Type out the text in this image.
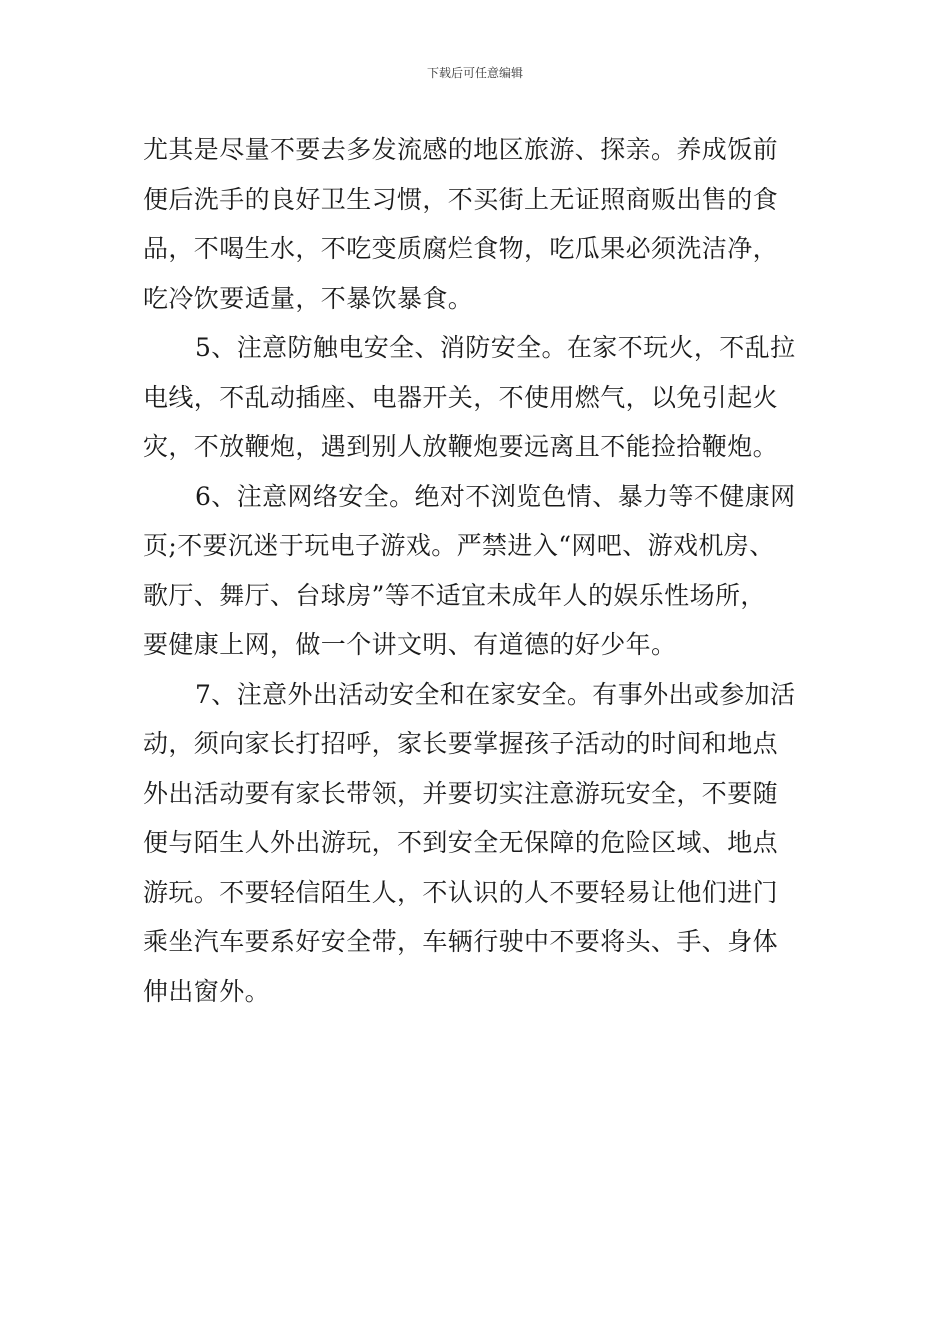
下载后可任意编辑
尤其是尽量不要去多发流感的地区旅游、探亲。养成饭前
便后洗手的良好卫生习惯，不买街上无证照商贩出售的食
品，不喝生水，不吃变质腐烂食物，吃瓜果必须洗洁净，
吃冷饮要适量，不暴饮暴食。
5、注意防触电安全、消防安全。在家不玩火，不乱拉
电线，不乱动插座、电器开关，不使用燃气，以免引起火
灾，不放鞭炮，遇到别人放鞭炮要远离且不能捡拾鞭炮。
6、注意网络安全。绝对不浏览色情、暴力等不健康网
页;不要沉迷于玩电子游戏。严禁进入“网吧、游戏机房、
歌厅、舞厅、台球房”等不适宜未成年人的娱乐性场所，
要健康上网，做一个讲文明、有道德的好少年。
7、注意外出活动安全和在家安全。有事外出或参加活
动，须向家长打招呼，家长要掌握孩子活动的时间和地点
外出活动要有家长带领，并要切实注意游玩安全，不要随
便与陌生人外出游玩，不到安全无保障的危险区域、地点
游玩。不要轻信陌生人，不认识的人不要轻易让他们进门
乘坐汽车要系好安全带，车辆行驶中不要将头、手、身体
伸出窗外。
